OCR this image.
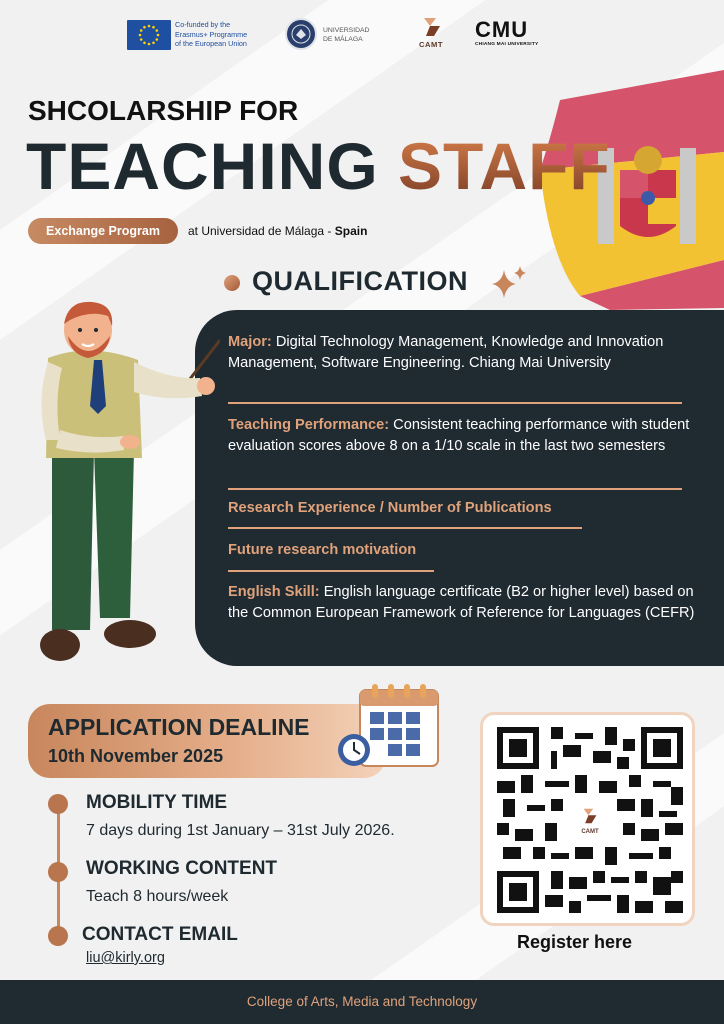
Co-funded by the
Erasmus+ Programme
of the European Union
UNIVERSIDAD
DE MÁLAGA
CAMT
CMU
CHIANG MAI UNIVERSITY
SHCOLARSHIP FOR
TEACHING STAFF
Exchange Program	at Universidad de Málaga - Spain
QUALIFICATION
Major: Digital Technology Management, Knowledge and Innovation Management, Software Engineering. Chiang Mai University
Teaching Performance: Consistent teaching performance with student evaluation scores above 8 on a 1/10 scale in the last two semesters
Research Experience / Number of Publications
Future research motivation
English Skill: English language certificate (B2 or higher level) based on the Common European Framework of Reference for Languages (CEFR)
APPLICATION DEALINE
10th November 2025
MOBILITY TIME
7 days during 1st January – 31st July 2026.
WORKING CONTENT
Teach 8 hours/week
CONTACT EMAIL
liu@kirly.org
CAMT
Register here
College of Arts, Media and Technology
